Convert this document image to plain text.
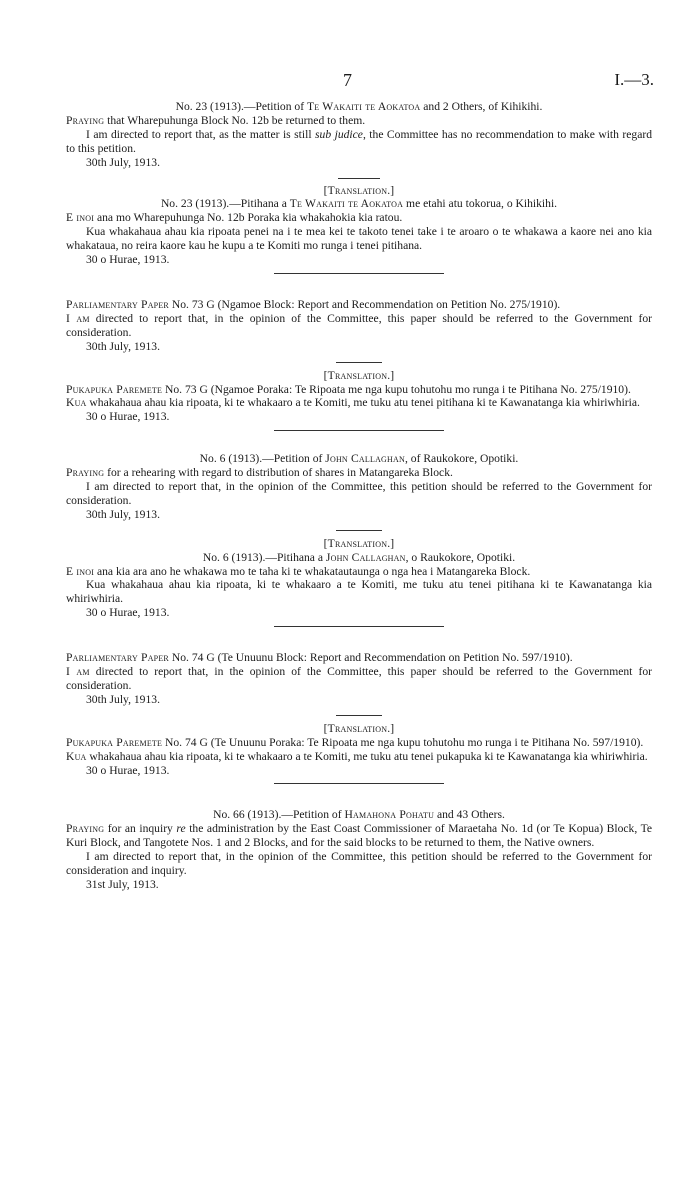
7	I.—3.

No. 23 (1913).—Petition of Te Wakaiti te Aokatoa and 2 Others, of Kihikihi.

Praying that Wharepuhunga Block No. 12b be returned to them.

I am directed to report that, as the matter is still sub judice, the Committee has no recommendation to make with regard to this petition.

30th July, 1913.

[Translation.]

No. 23 (1913).—Pitihana a Te Wakaiti te Aokatoa me etahi atu tokorua, o Kihikihi.

E inoi ana mo Wharepuhunga No. 12b Poraka kia whakahokia kia ratou.

Kua whakahaua ahau kia ripoata penei na i te mea kei te takoto tenei take i te aroaro o te whakawa a kaore nei ano kia whakataua, no reira kaore kau he kupu a te Komiti mo runga i tenei pitihana.

30 o Hurae, 1913.

Parliamentary Paper No. 73 G (Ngamoe Block: Report and Recommendation on Petition No. 275/1910).

I am directed to report that, in the opinion of the Committee, this paper should be referred to the Government for consideration.

30th July, 1913.

[Translation.]

Pukapuka Paremete No. 73 G (Ngamoe Poraka: Te Ripoata me nga kupu tohutohu mo runga i te Pitihana No. 275/1910).

Kua whakahaua ahau kia ripoata, ki te whakaaro a te Komiti, me tuku atu tenei pitihana ki te Kawanatanga kia whiriwhiria.

30 o Hurae, 1913.

No. 6 (1913).—Petition of John Callaghan, of Raukokore, Opotiki.

Praying for a rehearing with regard to distribution of shares in Matangareka Block.

I am directed to report that, in the opinion of the Committee, this petition should be referred to the Government for consideration.

30th July, 1913.

[Translation.]

No. 6 (1913).—Pitihana a John Callaghan, o Raukokore, Opotiki.

E inoi ana kia ara ano he whakawa mo te taha ki te whakatautaunga o nga hea i Matangareka Block.

Kua whakahaua ahau kia ripoata, ki te whakaaro a te Komiti, me tuku atu tenei pitihana ki te Kawanatanga kia whiriwhiria.

30 o Hurae, 1913.

Parliamentary Paper No. 74 G (Te Unuunu Block: Report and Recommendation on Petition No. 597/1910).

I am directed to report that, in the opinion of the Committee, this paper should be referred to the Government for consideration.

30th July, 1913.

[Translation.]

Pukapuka Paremete No. 74 G (Te Unuunu Poraka: Te Ripoata me nga kupu tohutohu mo runga i te Pitihana No. 597/1910).

Kua whakahaua ahau kia ripoata, ki te whakaaro a te Komiti, me tuku atu tenei pukapuka ki te Kawanatanga kia whiriwhiria.

30 o Hurae, 1913.

No. 66 (1913).—Petition of Hamahona Pohatu and 43 Others.

Praying for an inquiry re the administration by the East Coast Commissioner of Maraetaha No. 1d (or Te Kopua) Block, Te Kuri Block, and Tangotete Nos. 1 and 2 Blocks, and for the said blocks to be returned to them, the Native owners.

I am directed to report that, in the opinion of the Committee, this petition should be referred to the Government for consideration and inquiry.

31st July, 1913.
